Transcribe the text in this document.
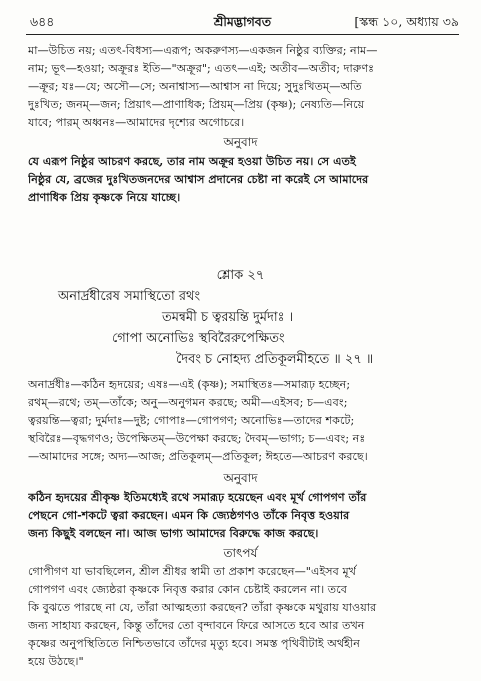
৬৪৪	শ্রীমদ্ভাগবত	[স্কন্ধ ১০, অধ্যায় ৩৯
মা—উচিত নয়; এতৎ-বিধস্য—এরূপ; অকরুণস্য—একজন নিষ্ঠুর ব্যক্তির; নাম—
নাম; ভূৎ—হওয়া; অক্রূরঃ ইতি—"অক্রূর"; এতৎ—এই; অতীব—অতীব; দারুণঃ
—ক্রূর; যঃ—যে; অসৌ—সে; অনাশ্বাস্য—আশ্বাস না দিয়ে; সুদুঃখিতম্—অতি
দুঃখিত; জনম্—জন; প্রিয়াৎ—প্রাণাধিক; প্রিয়ম্—প্রিয় (কৃষ্ণ); নেষ্যতি—নিয়ে
যাবে; পারম্ অধ্বনঃ—আমাদের দৃশ্যের অগোচরে।
অনুবাদ
যে এরূপ নিষ্ঠুর আচরণ করছে, তার নাম অক্রূর হওয়া উচিত নয়। সে এতই
নিষ্ঠুর যে, ব্রজের দুঃখিতজনদের আশ্বাস প্রদানের চেষ্টা না করেই সে আমাদের
প্রাণাধিক প্রিয় কৃষ্ণকে নিয়ে যাচ্ছে।
শ্লোক ২৭
অনার্দ্রধীরেষ সমাস্থিতো রথং
তমন্বমী চ ত্বরয়ন্তি দুর্মদাঃ ।
গোপা অনোভিঃ স্থবিরৈরুপেক্ষিতং
দৈবং চ নোহদ্য প্রতিকূলমীহতে ॥ ২৭ ॥
অনার্দ্রধীঃ—কঠিন হৃদয়ের; এষঃ—এই (কৃষ্ণ); সমাস্থিতঃ—সমারূঢ় হচ্ছেন;
রথম্—রথে; তম্—তাঁকে; অনু—অনুগমন করছে; অমী—এইসব; চ—এবং;
ত্বরয়ন্তি—ত্বরা; দুর্মদাঃ—দুষ্ট; গোপাঃ—গোপগণ; অনোভিঃ—তাদের শকটে;
স্থবিরৈঃ—বৃদ্ধগণও; উপেক্ষিতম্—উপেক্ষা করছে; দৈবম্—ভাগ্য; চ—এবং; নঃ
—আমাদের সঙ্গে; অদ্য—আজ; প্রতিকূলম্—প্রতিকূল; ঈহতে—আচরণ করছে।
অনুবাদ
কঠিন হৃদয়ের শ্রীকৃষ্ণ ইতিমধ্যেই রথে সমারূঢ় হয়েছেন এবং মূর্খ গোপগণ তাঁর
পেছনে গো-শকটে ত্বরা করছেন। এমন কি জ্যেষ্ঠগণও তাঁকে নিবৃত্ত হওয়ার
জন্য কিছুই বলছেন না। আজ ভাগ্য আমাদের বিরুদ্ধে কাজ করছে।
তাৎপর্য
গোপীগণ যা ভাবছিলেন, শ্রীল শ্রীধর স্বামী তা প্রকাশ করেছেন—"এইসব মূর্খ
গোপগণ এবং জ্যেষ্ঠরা কৃষ্ণকে নিবৃত্ত করার কোন চেষ্টাই করলেন না। তবে
কি বুঝতে পারছে না যে, তাঁরা আত্মহত্যা করছেন? তাঁরা কৃষ্ণকে মথুরায় যাওয়ার
জন্য সাহায্য করছেন, কিন্তু তাঁদের তো বৃন্দাবনে ফিরে আসতে হবে আর তখন
কৃষ্ণের অনুপস্থিতিতে নিশ্চিতভাবে তাঁদের মৃত্যু হবে। সমস্ত পৃথিবীটাই অর্থহীন
হয়ে উঠছে।"
